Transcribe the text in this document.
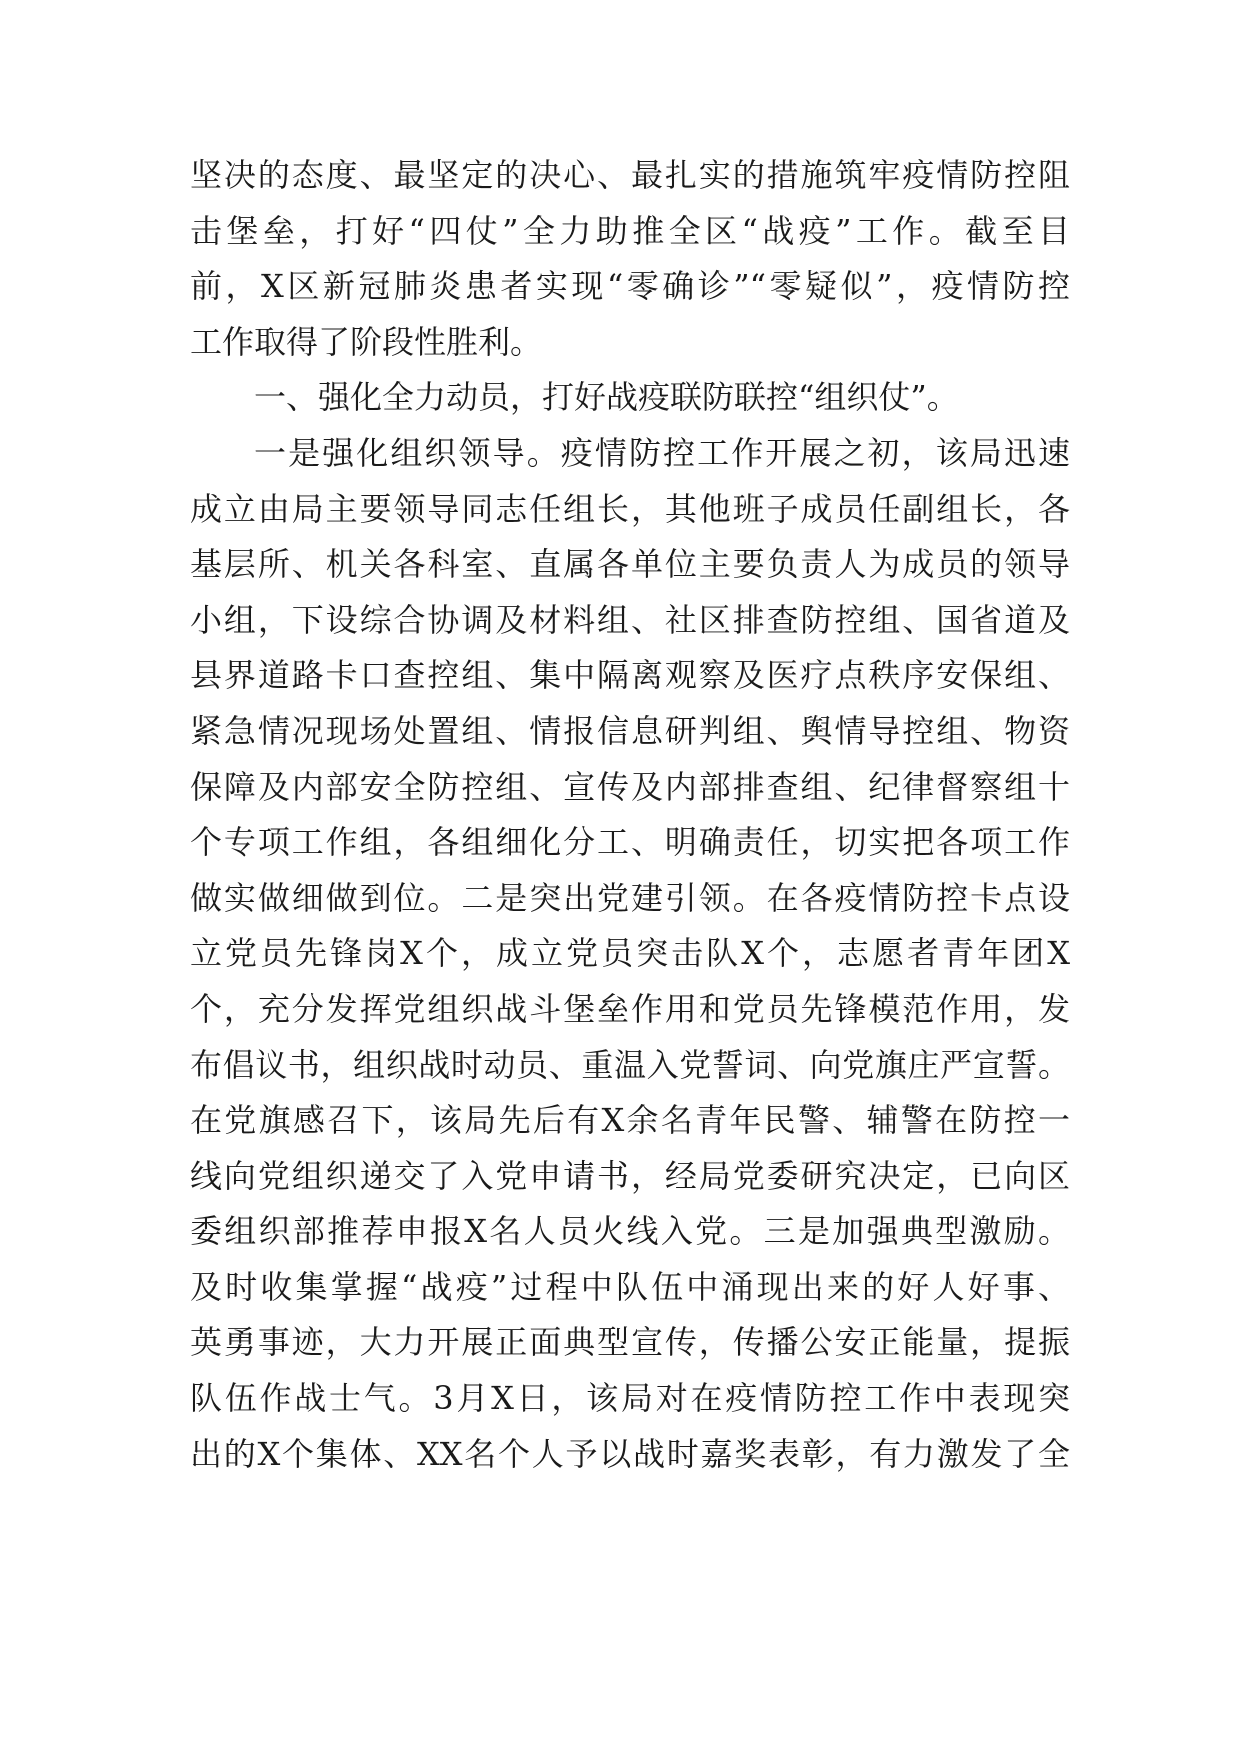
坚决的态度、最坚定的决心、最扎实的措施筑牢疫情防控阻
击堡垒，打好“四仗”全力助推全区“战疫”工作。截至目
前，X区新冠肺炎患者实现“零确诊”“零疑似”，疫情防控
工作取得了阶段性胜利。
一、强化全力动员，打好战疫联防联控“组织仗”。
一是强化组织领导。疫情防控工作开展之初，该局迅速
成立由局主要领导同志任组长，其他班子成员任副组长，各
基层所、机关各科室、直属各单位主要负责人为成员的领导
小组，下设综合协调及材料组、社区排查防控组、国省道及
县界道路卡口查控组、集中隔离观察及医疗点秩序安保组、
紧急情况现场处置组、情报信息研判组、舆情导控组、物资
保障及内部安全防控组、宣传及内部排查组、纪律督察组十
个专项工作组，各组细化分工、明确责任，切实把各项工作
做实做细做到位。二是突出党建引领。在各疫情防控卡点设
立党员先锋岗X个，成立党员突击队X个，志愿者青年团X
个，充分发挥党组织战斗堡垒作用和党员先锋模范作用，发
布倡议书，组织战时动员、重温入党誓词、向党旗庄严宣誓。
在党旗感召下，该局先后有X余名青年民警、辅警在防控一
线向党组织递交了入党申请书，经局党委研究决定，已向区
委组织部推荐申报X名人员火线入党。三是加强典型激励。
及时收集掌握“战疫”过程中队伍中涌现出来的好人好事、
英勇事迹，大力开展正面典型宣传，传播公安正能量，提振
队伍作战士气。3月X日，该局对在疫情防控工作中表现突
出的X个集体、XX名个人予以战时嘉奖表彰，有力激发了全
